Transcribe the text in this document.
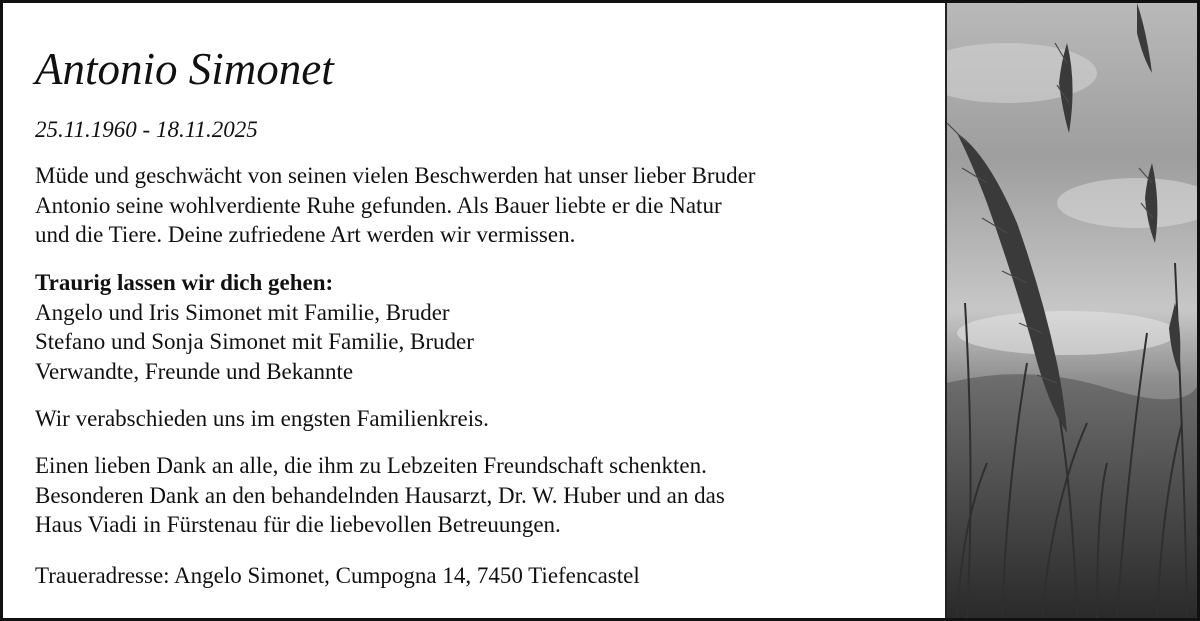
Antonio Simonet
25.11.1960 - 18.11.2025
Müde und geschwächt von seinen vielen Beschwerden hat unser lieber Bruder
Antonio seine wohlverdiente Ruhe gefunden. Als Bauer liebte er die Natur
und die Tiere. Deine zufriedene Art werden wir vermissen.
Traurig lassen wir dich gehen:
Angelo und Iris Simonet mit Familie, Bruder
Stefano und Sonja Simonet mit Familie, Bruder
Verwandte, Freunde und Bekannte
Wir verabschieden uns im engsten Familienkreis.
Einen lieben Dank an alle, die ihm zu Lebzeiten Freundschaft schenkten.
Besonderen Dank an den behandelnden Hausarzt, Dr. W. Huber und an das
Haus Viadi in Fürstenau für die liebevollen Betreuungen.
Traueradresse: Angelo Simonet, Cumpogna 14, 7450 Tiefencastel
